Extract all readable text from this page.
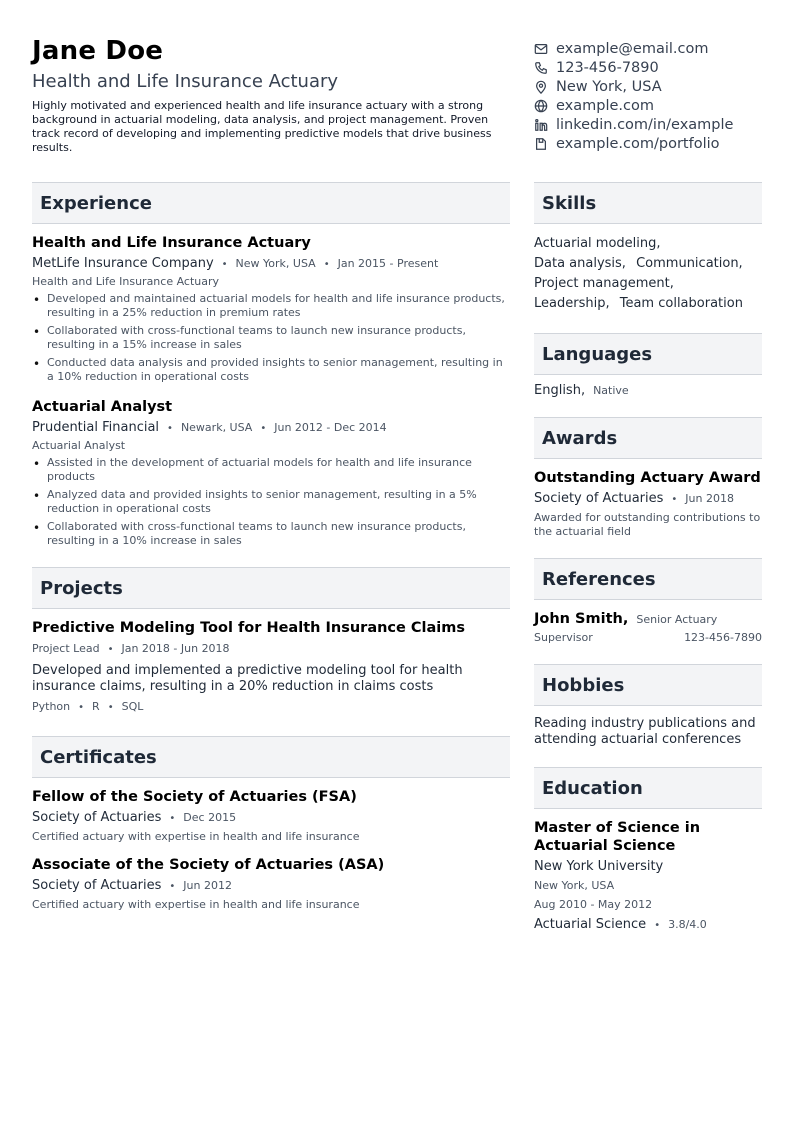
Jane Doe
Health and Life Insurance Actuary
Highly motivated and experienced health and life insurance actuary with a strong background in actuarial modeling, data analysis, and project management. Proven track record of developing and implementing predictive models that drive business results.
example@email.com
123-456-7890
New York, USA
example.com
linkedin.com/in/example
example.com/portfolio
Experience
Health and Life Insurance Actuary
MetLife Insurance Company • New York, USA • Jan 2015 - Present
Health and Life Insurance Actuary
• Developed and maintained actuarial models for health and life insurance products, resulting in a 25% reduction in premium rates
• Collaborated with cross-functional teams to launch new insurance products, resulting in a 15% increase in sales
• Conducted data analysis and provided insights to senior management, resulting in a 10% reduction in operational costs
Actuarial Analyst
Prudential Financial • Newark, USA • Jun 2012 - Dec 2014
Actuarial Analyst
• Assisted in the development of actuarial models for health and life insurance products
• Analyzed data and provided insights to senior management, resulting in a 5% reduction in operational costs
• Collaborated with cross-functional teams to launch new insurance products, resulting in a 10% increase in sales
Projects
Predictive Modeling Tool for Health Insurance Claims
Project Lead • Jan 2018 - Jun 2018
Developed and implemented a predictive modeling tool for health insurance claims, resulting in a 20% reduction in claims costs
Python • R • SQL
Certificates
Fellow of the Society of Actuaries (FSA)
Society of Actuaries • Dec 2015
Certified actuary with expertise in health and life insurance
Associate of the Society of Actuaries (ASA)
Society of Actuaries • Jun 2012
Certified actuary with expertise in health and life insurance
Skills
Actuarial modeling,
Data analysis, Communication,
Project management,
Leadership, Team collaboration
Languages
English, Native
Awards
Outstanding Actuary Award
Society of Actuaries • Jun 2018
Awarded for outstanding contributions to the actuarial field
References
John Smith, Senior Actuary
Supervisor	123-456-7890
Hobbies
Reading industry publications and attending actuarial conferences
Education
Master of Science in Actuarial Science
New York University
New York, USA
Aug 2010 - May 2012
Actuarial Science • 3.8/4.0
